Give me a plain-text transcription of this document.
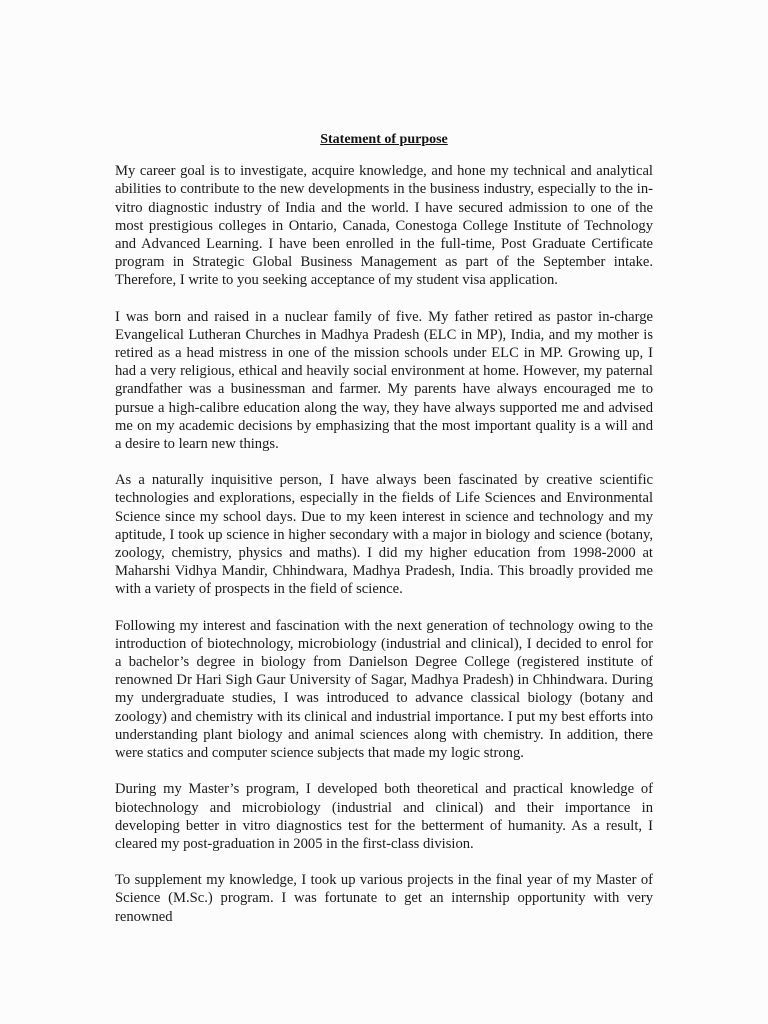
Statement of purpose

My career goal is to investigate, acquire knowledge, and hone my technical and analytical abilities to contribute to the new developments in the business industry, especially to the in-vitro diagnostic industry of India and the world. I have secured admission to one of the most prestigious colleges in Ontario, Canada, Conestoga College Institute of Technology and Advanced Learning. I have been enrolled in the full-time, Post Graduate Certificate program in Strategic Global Business Management as part of the September intake. Therefore, I write to you seeking acceptance of my student visa application.

I was born and raised in a nuclear family of five. My father retired as pastor in-charge Evangelical Lutheran Churches in Madhya Pradesh (ELC in MP), India, and my mother is retired as a head mistress in one of the mission schools under ELC in MP. Growing up, I had a very religious, ethical and heavily social environment at home. However, my paternal grandfather was a businessman and farmer. My parents have always encouraged me to pursue a high-calibre education along the way, they have always supported me and advised me on my academic decisions by emphasizing that the most important quality is a will and a desire to learn new things.

As a naturally inquisitive person, I have always been fascinated by creative scientific technologies and explorations, especially in the fields of Life Sciences and Environmental Science since my school days. Due to my keen interest in science and technology and my aptitude, I took up science in higher secondary with a major in biology and science (botany, zoology, chemistry, physics and maths). I did my higher education from 1998-2000 at Maharshi Vidhya Mandir, Chhindwara, Madhya Pradesh, India. This broadly provided me with a variety of prospects in the field of science.

Following my interest and fascination with the next generation of technology owing to the introduction of biotechnology, microbiology (industrial and clinical), I decided to enrol for a bachelor’s degree in biology from Danielson Degree College (registered institute of renowned Dr Hari Sigh Gaur University of Sagar, Madhya Pradesh) in Chhindwara. During my undergraduate studies, I was introduced to advance classical biology (botany and zoology) and chemistry with its clinical and industrial importance. I put my best efforts into understanding plant biology and animal sciences along with chemistry. In addition, there were statics and computer science subjects that made my logic strong.

During my Master’s program, I developed both theoretical and practical knowledge of biotechnology and microbiology (industrial and clinical) and their importance in developing better in vitro diagnostics test for the betterment of humanity. As a result, I cleared my post-graduation in 2005 in the first-class division.

To supplement my knowledge, I took up various projects in the final year of my Master of Science (M.Sc.) program. I was fortunate to get an internship opportunity with very renowned
